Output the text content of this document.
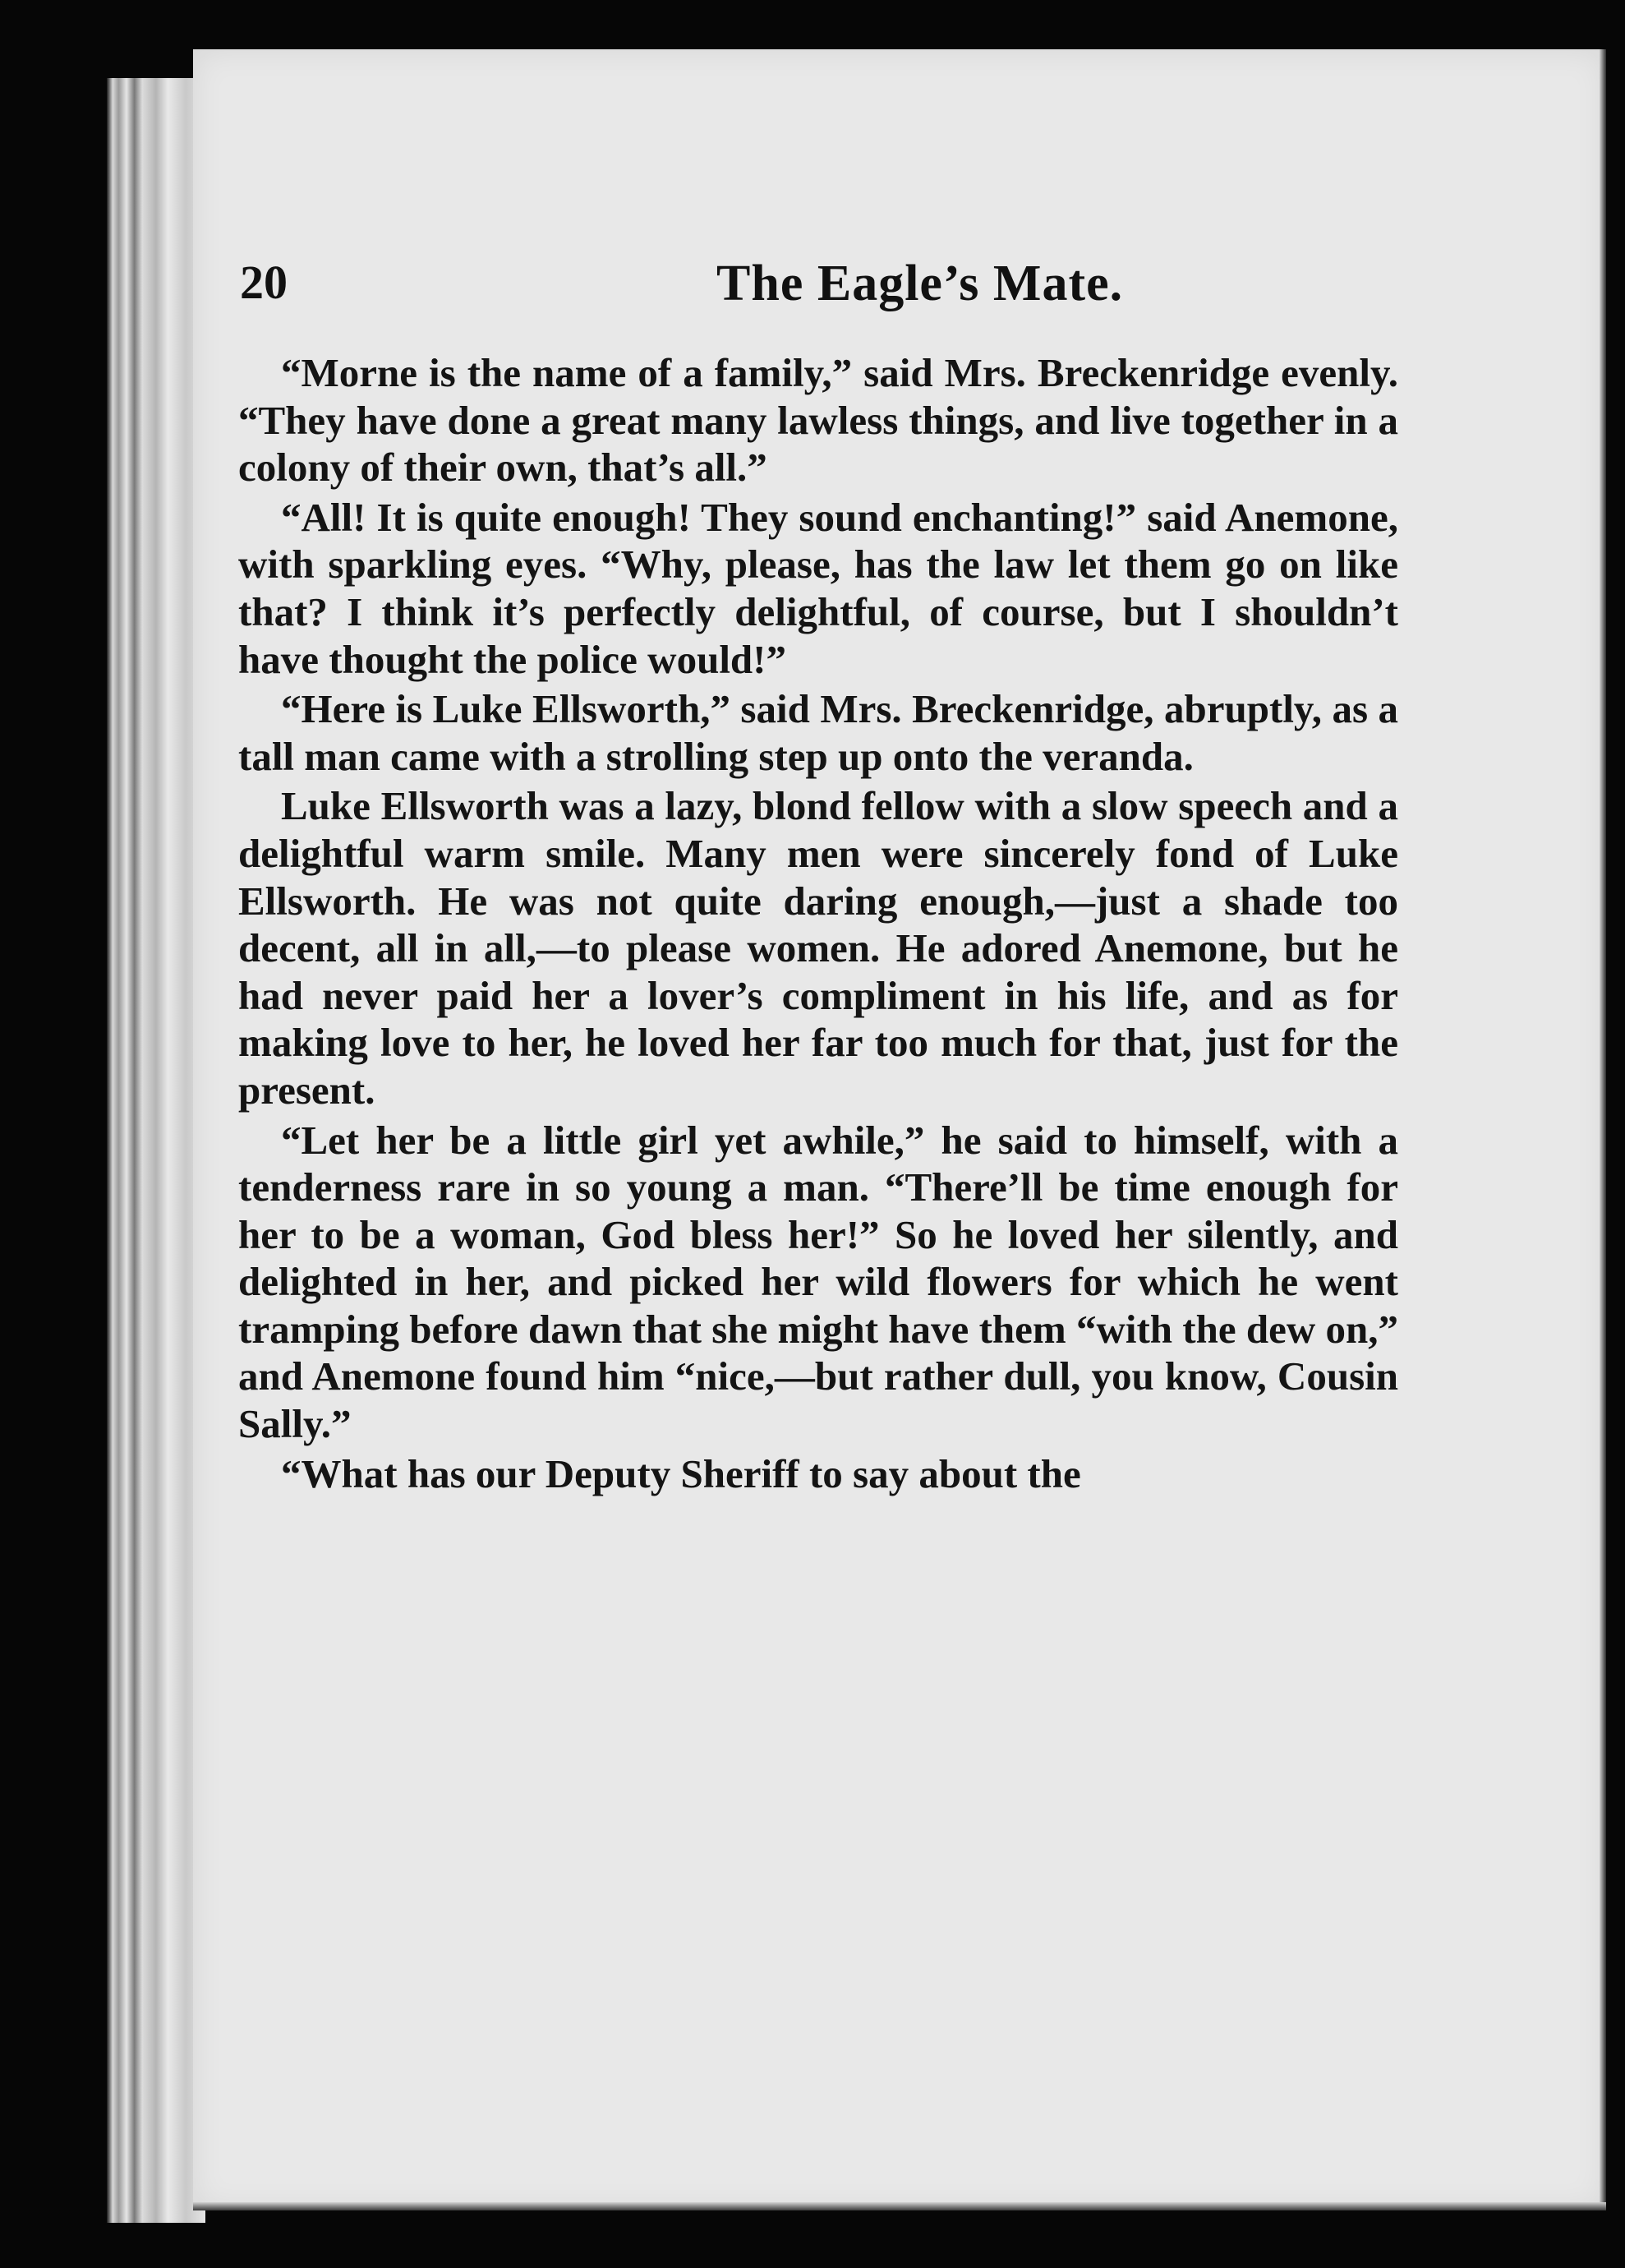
20	The Eagle’s Mate.

“Morne is the name of a family,” said Mrs. Breckenridge evenly. “They have done a great many lawless things, and live together in a colony of their own, that’s all.”

“All! It is quite enough! They sound enchanting!” said Anemone, with sparkling eyes. “Why, please, has the law let them go on like that? I think it’s perfectly delightful, of course, but I shouldn’t have thought the police would!”

“Here is Luke Ellsworth,” said Mrs. Breckenridge, abruptly, as a tall man came with a strolling step up onto the veranda.

Luke Ellsworth was a lazy, blond fellow with a slow speech and a delightful warm smile. Many men were sincerely fond of Luke Ellsworth. He was not quite daring enough,—just a shade too decent, all in all,—to please women. He adored Anemone, but he had never paid her a lover’s compliment in his life, and as for making love to her, he loved her far too much for that, just for the present.

“Let her be a little girl yet awhile,” he said to himself, with a tenderness rare in so young a man. “There’ll be time enough for her to be a woman, God bless her!” So he loved her silently, and delighted in her, and picked her wild flowers for which he went tramping before dawn that she might have them “with the dew on,” and Anemone found him “nice,—but rather dull, you know, Cousin Sally.”

“What has our Deputy Sheriff to say about the
